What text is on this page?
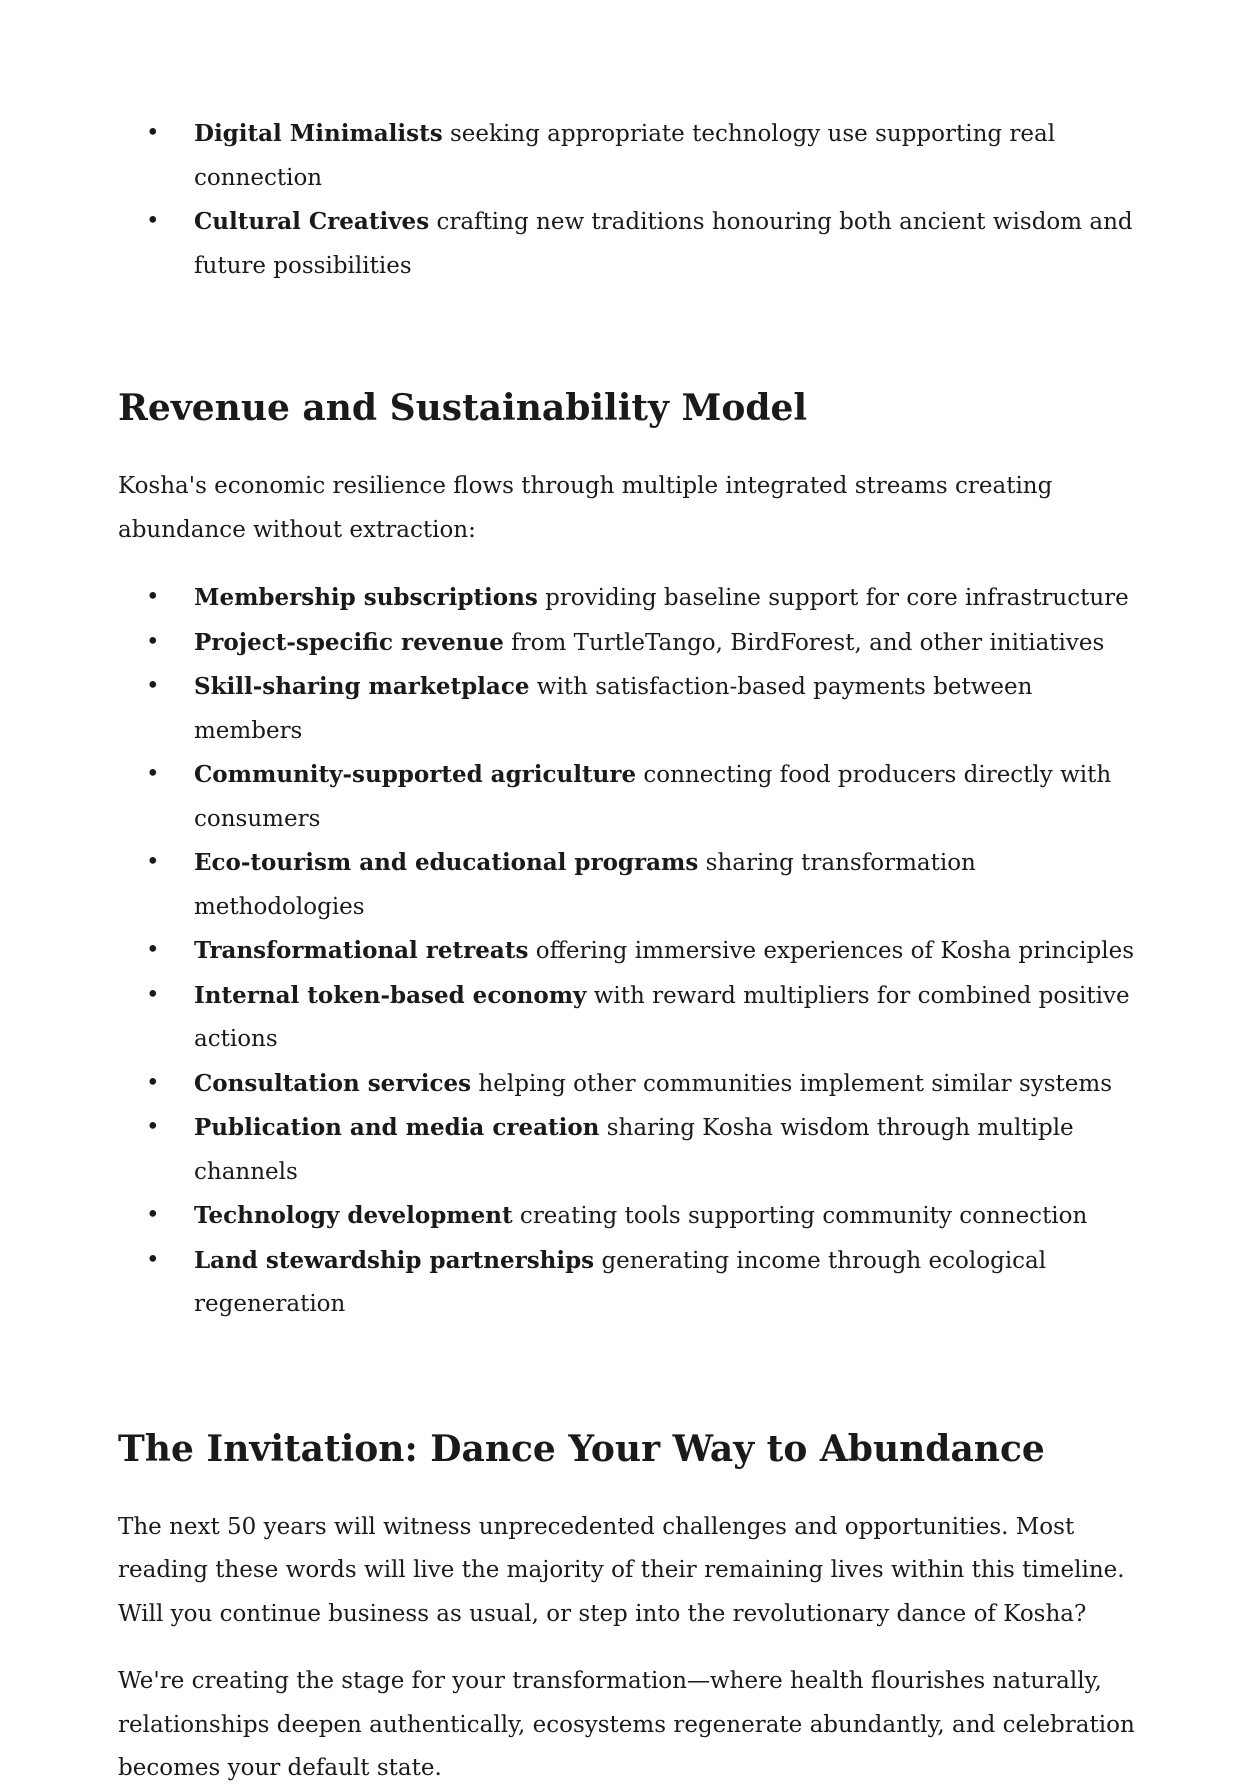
• Digital Minimalists seeking appropriate technology use supporting real connection
• Cultural Creatives crafting new traditions honouring both ancient wisdom and future possibilities
Revenue and Sustainability Model

Kosha's economic resilience flows through multiple integrated streams creating abundance without extraction:

• Membership subscriptions providing baseline support for core infrastructure
• Project-specific revenue from TurtleTango, BirdForest, and other initiatives
• Skill-sharing marketplace with satisfaction-based payments between members
• Community-supported agriculture connecting food producers directly with consumers
• Eco-tourism and educational programs sharing transformation methodologies
• Transformational retreats offering immersive experiences of Kosha principles
• Internal token-based economy with reward multipliers for combined positive actions
• Consultation services helping other communities implement similar systems
• Publication and media creation sharing Kosha wisdom through multiple channels
• Technology development creating tools supporting community connection
• Land stewardship partnerships generating income through ecological regeneration
The Invitation: Dance Your Way to Abundance

The next 50 years will witness unprecedented challenges and opportunities. Most reading these words will live the majority of their remaining lives within this timeline. Will you continue business as usual, or step into the revolutionary dance of Kosha?

We're creating the stage for your transformation—where health flourishes naturally, relationships deepen authentically, ecosystems regenerate abundantly, and celebration becomes your default state.
